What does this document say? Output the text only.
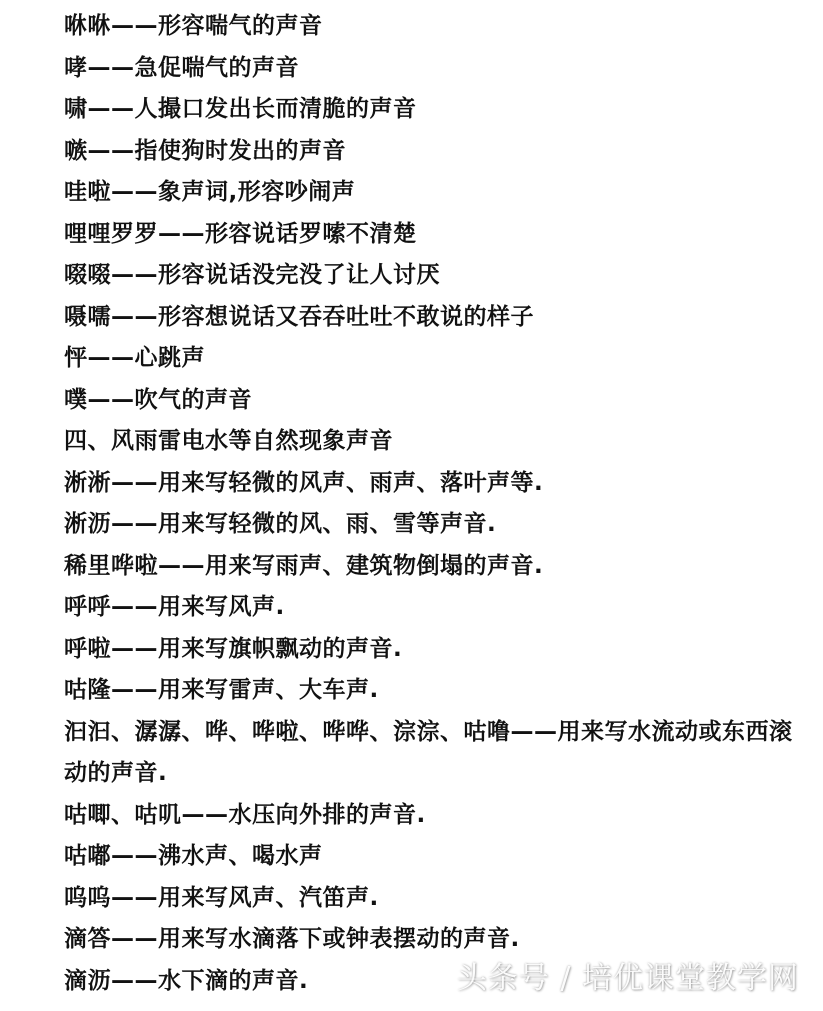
咻咻——形容喘气的声音
哮——急促喘气的声音
啸——人撮口发出长而清脆的声音
嗾——指使狗时发出的声音
哇啦——象声词,形容吵闹声
哩哩罗罗——形容说话罗嗦不清楚
啜啜——形容说话没完没了让人讨厌
嗫嚅——形容想说话又吞吞吐吐不敢说的样子
怦——心跳声
噗——吹气的声音
四、风雨雷电水等自然现象声音
淅淅——用来写轻微的风声、雨声、落叶声等.
淅沥——用来写轻微的风、雨、雪等声音.
稀里哗啦——用来写雨声、建筑物倒塌的声音.
呼呼——用来写风声.
呼啦——用来写旗帜飘动的声音.
咕隆——用来写雷声、大车声.
汩汩、潺潺、哗、哗啦、哗哗、淙淙、咕噜——用来写水流动或东西滚动的声音.
咕唧、咕叽——水压向外排的声音.
咕嘟——沸水声、喝水声
呜呜——用来写风声、汽笛声.
滴答——用来写水滴落下或钟表摆动的声音.
滴沥——水下滴的声音.	头条号 / 培优课堂教学网
